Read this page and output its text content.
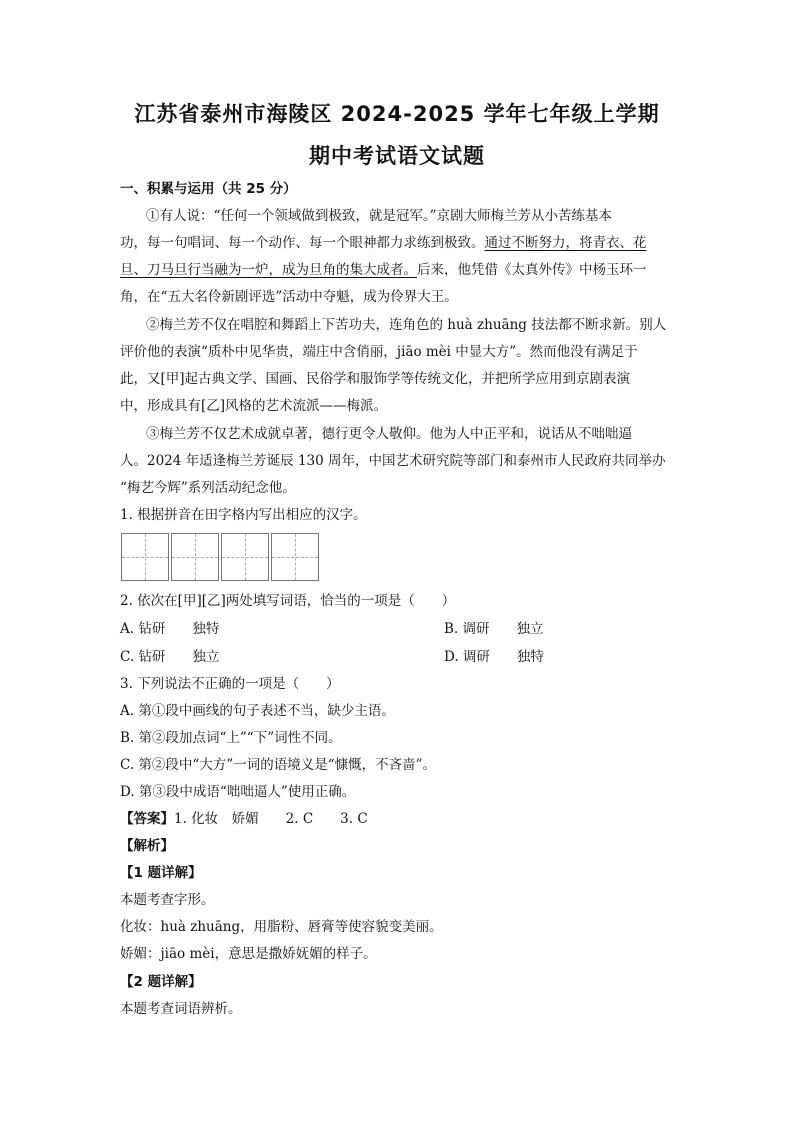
江苏省泰州市海陵区 2024-2025 学年七年级上学期
期中考试语文试题
一、积累与运用（共 25 分）
①有人说：“任何一个领域做到极致，就是冠军。”京剧大师梅兰芳从小苦练基本
功，每一句唱词、每一个动作、每一个眼神都力求练到极致。通过不断努力，将青衣、花
旦、刀马旦行当融为一炉，成为旦角的集大成者。后来，他凭借《太真外传》中杨玉环一
角，在“五大名伶新剧评选”活动中夺魁，成为伶界大王。
②梅兰芳不仅在唱腔和舞蹈上下苦功夫，连角色的 huà zhuāng 技法都不断求新。别人
评价他的表演“质朴中见华贵，端庄中含俏丽，jiāo mèi 中显大方”。然而他没有满足于
此，又[甲]起古典文学、国画、民俗学和服饰学等传统文化，并把所学应用到京剧表演
中，形成具有[乙]风格的艺术流派——梅派。
③梅兰芳不仅艺术成就卓著，德行更令人敬仰。他为人中正平和，说话从不咄咄逼
人。2024 年适逢梅兰芳诞辰 130 周年，中国艺术研究院等部门和泰州市人民政府共同举办
“梅艺今辉”系列活动纪念他。
1. 根据拼音在田字格内写出相应的汉字。
2. 依次在[甲][乙]两处填写词语，恰当的一项是（　　）
A. 钻研　　独特	B. 调研　　独立
C. 钻研　　独立	D. 调研　　独特
3. 下列说法不正确的一项是（　　）
A. 第①段中画线的句子表述不当，缺少主语。
B. 第②段加点词“上”“下”词性不同。
C. 第②段中“大方”一词的语境义是“慷慨，不吝啬”。
D. 第③段中成语“咄咄逼人”使用正确。
【答案】1. 化妆　娇媚　　2. C　　3. C
【解析】
【1 题详解】
本题考查字形。
化妆：huà zhuāng，用脂粉、唇膏等使容貌变美丽。
娇媚：jiāo mèi，意思是撒娇妩媚的样子。
【2 题详解】
本题考查词语辨析。
